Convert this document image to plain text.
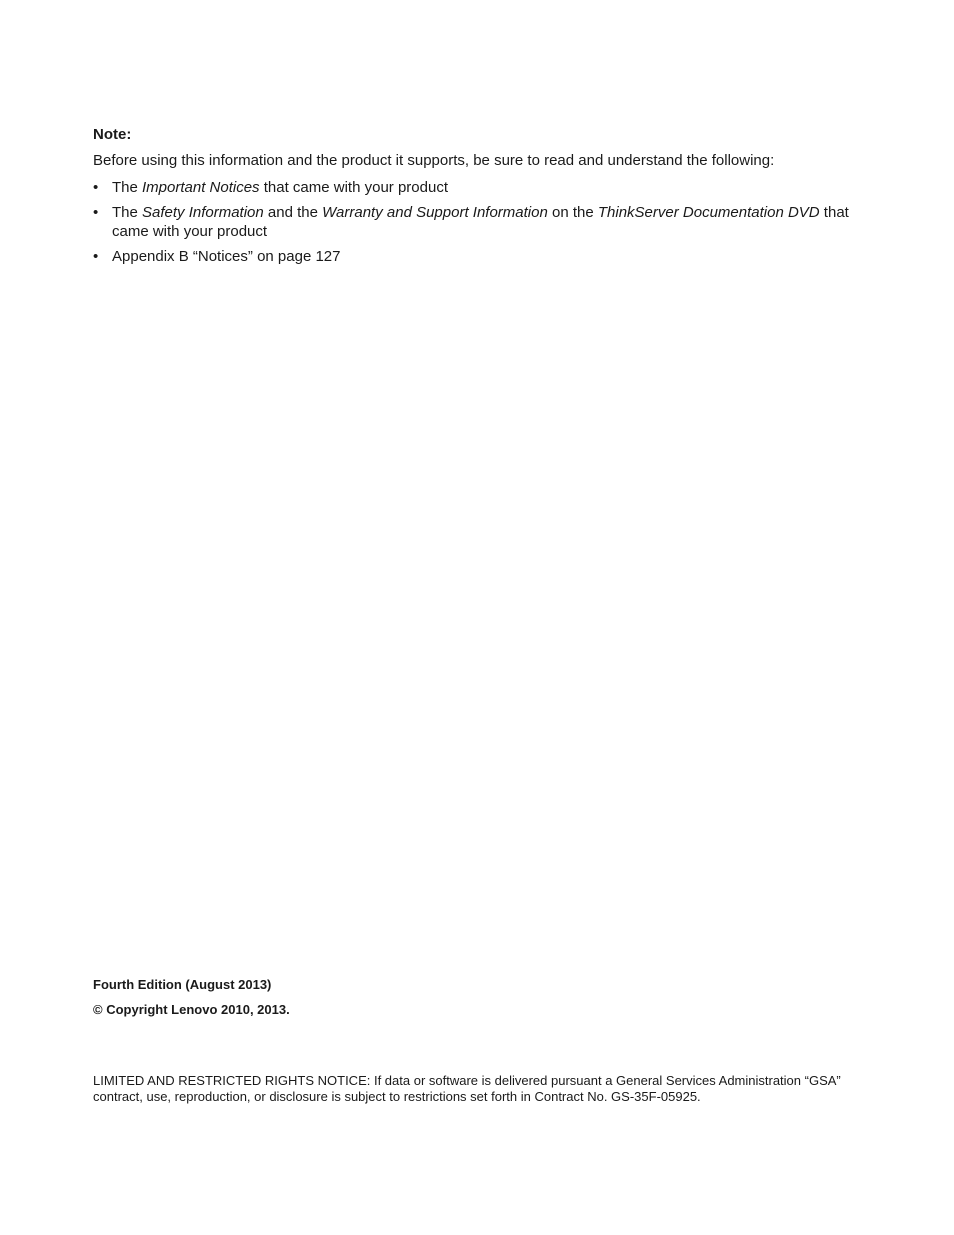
Note:

Before using this information and the product it supports, be sure to read and understand the following:

• The Important Notices that came with your product
• The Safety Information and the Warranty and Support Information on the ThinkServer Documentation DVD that came with your product
• Appendix B “Notices” on page 127

Fourth Edition (August 2013)

© Copyright Lenovo 2010, 2013.

LIMITED AND RESTRICTED RIGHTS NOTICE: If data or software is delivered pursuant a General Services Administration “GSA” contract, use, reproduction, or disclosure is subject to restrictions set forth in Contract No. GS-35F-05925.
